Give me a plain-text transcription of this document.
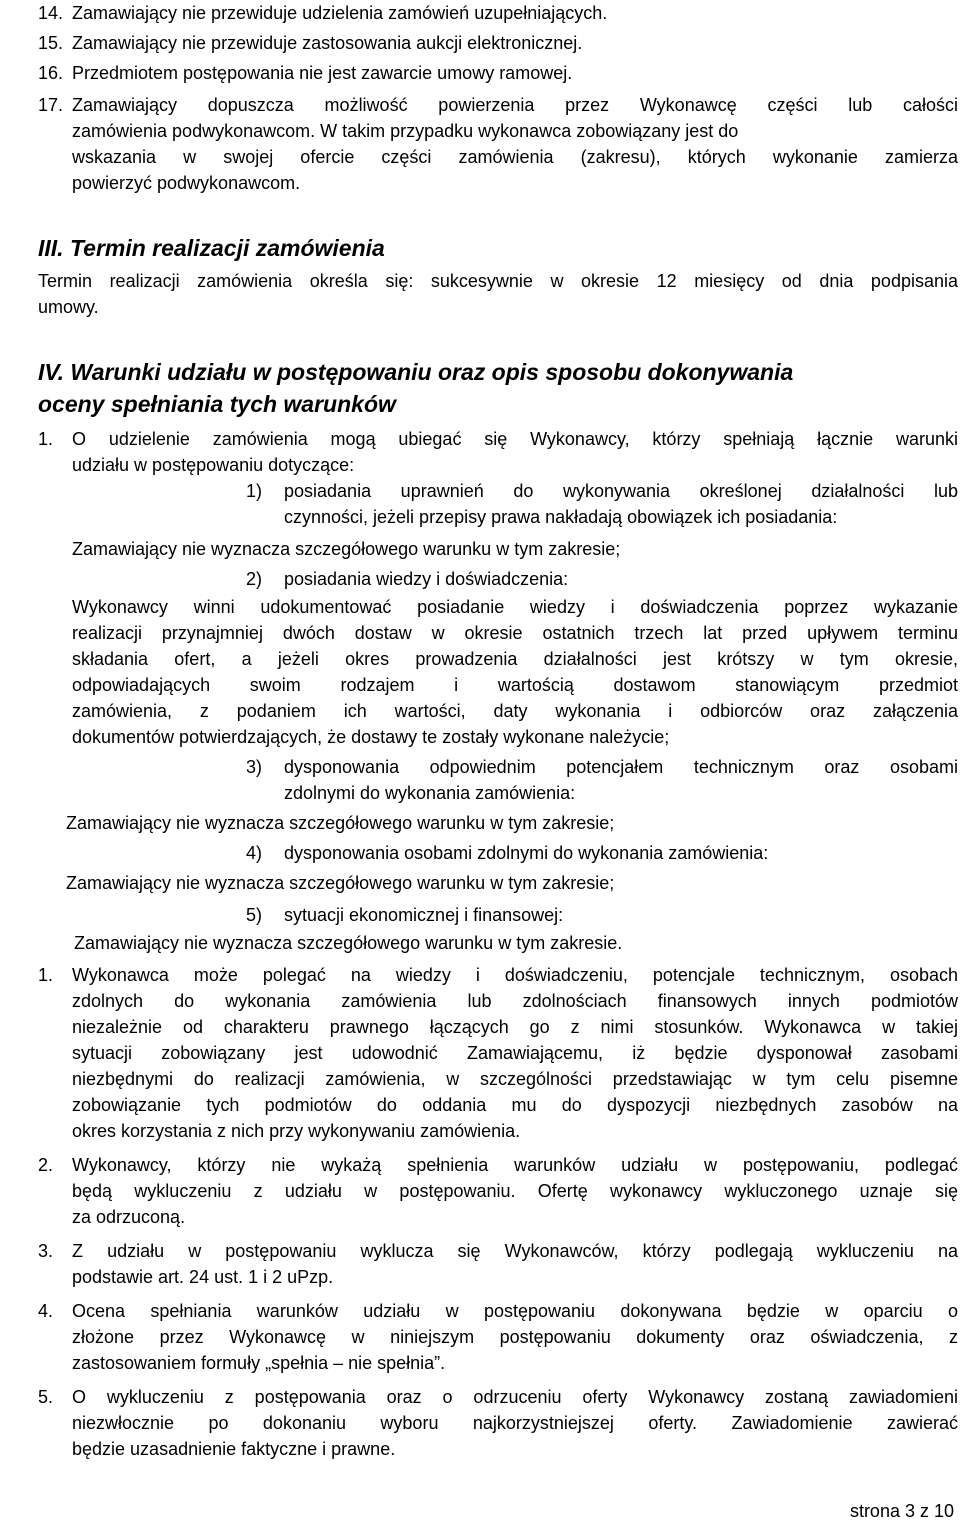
14. Zamawiający nie przewiduje udzielenia zamówień uzupełniających.
15. Zamawiający nie przewiduje zastosowania aukcji elektronicznej.
16. Przedmiotem postępowania nie jest zawarcie umowy ramowej.
17. Zamawiający dopuszcza możliwość powierzenia przez Wykonawcę części lub całości
zamówienia podwykonawcom. W takim przypadku wykonawca zobowiązany jest do
wskazania w swojej ofercie części zamówienia (zakresu), których wykonanie zamierza
powierzyć podwykonawcom.
III. Termin realizacji zamówienia
Termin realizacji zamówienia określa się: sukcesywnie w okresie 12 miesięcy od dnia podpisania
umowy.
IV. Warunki udziału w postępowaniu oraz opis sposobu dokonywania
oceny spełniania tych warunków
1. O udzielenie zamówienia mogą ubiegać się Wykonawcy, którzy spełniają łącznie warunki
udziału w postępowaniu dotyczące:
1) posiadania uprawnień do wykonywania określonej działalności lub
czynności, jeżeli przepisy prawa nakładają obowiązek ich posiadania:
Zamawiający nie wyznacza szczegółowego warunku w tym zakresie;
2) posiadania wiedzy i doświadczenia:
Wykonawcy winni udokumentować posiadanie wiedzy i doświadczenia poprzez wykazanie
realizacji przynajmniej dwóch dostaw w okresie ostatnich trzech lat przed upływem terminu
składania ofert, a jeżeli okres prowadzenia działalności jest krótszy w tym okresie,
odpowiadających swoim rodzajem i wartością dostawom stanowiącym przedmiot
zamówienia, z podaniem ich wartości, daty wykonania i odbiorców oraz załączenia
dokumentów potwierdzających, że dostawy te zostały wykonane należycie;
3) dysponowania odpowiednim potencjałem technicznym oraz osobami
zdolnymi do wykonania zamówienia:
Zamawiający nie wyznacza szczegółowego warunku w tym zakresie;
4) dysponowania osobami zdolnymi do wykonania zamówienia:
Zamawiający nie wyznacza szczegółowego warunku w tym zakresie;
5) sytuacji ekonomicznej i finansowej:
Zamawiający nie wyznacza szczegółowego warunku w tym zakresie.
1. Wykonawca może polegać na wiedzy i doświadczeniu, potencjale technicznym, osobach
zdolnych do wykonania zamówienia lub zdolnościach finansowych innych podmiotów
niezależnie od charakteru prawnego łączących go z nimi stosunków. Wykonawca w takiej
sytuacji zobowiązany jest udowodnić Zamawiającemu, iż będzie dysponował zasobami
niezbędnymi do realizacji zamówienia, w szczególności przedstawiając w tym celu pisemne
zobowiązanie tych podmiotów do oddania mu do dyspozycji niezbędnych zasobów na
okres korzystania z nich przy wykonywaniu zamówienia.
2. Wykonawcy, którzy nie wykażą spełnienia warunków udziału w postępowaniu, podlegać
będą wykluczeniu z udziału w postępowaniu. Ofertę wykonawcy wykluczonego uznaje się
za odrzuconą.
3. Z udziału w postępowaniu wyklucza się Wykonawców, którzy podlegają wykluczeniu na
podstawie art. 24 ust. 1 i 2 uPzp.
4. Ocena spełniania warunków udziału w postępowaniu dokonywana będzie w oparciu o
złożone przez Wykonawcę w niniejszym postępowaniu dokumenty oraz oświadczenia, z
zastosowaniem formuły „spełnia – nie spełnia”.
5. O wykluczeniu z postępowania oraz o odrzuceniu oferty Wykonawcy zostaną zawiadomieni
niezwłocznie po dokonaniu wyboru najkorzystniejszej oferty. Zawiadomienie zawierać
będzie uzasadnienie faktyczne i prawne.
strona 3 z 10
